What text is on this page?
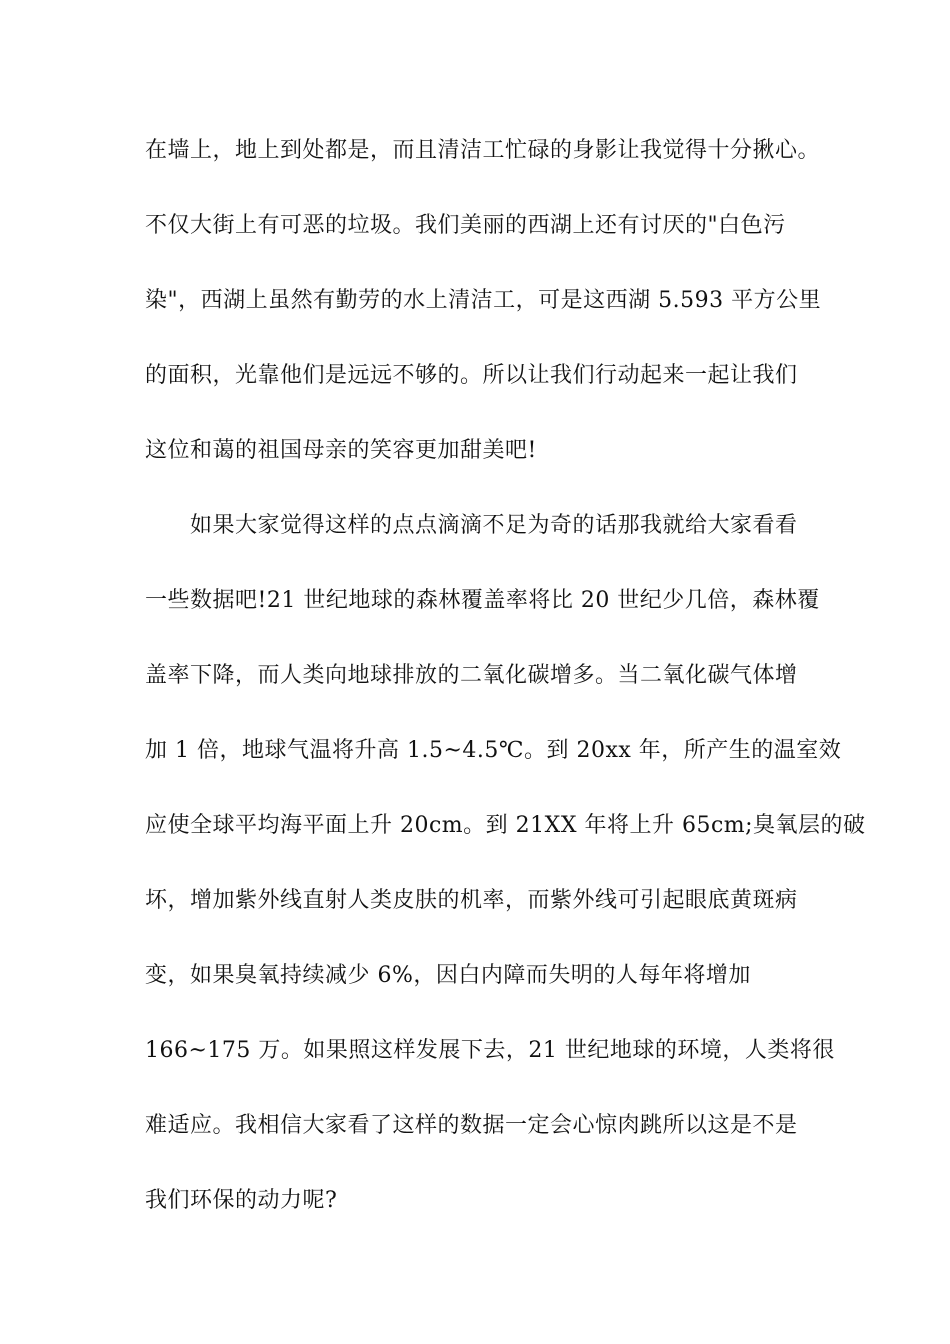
在墙上，地上到处都是，而且清洁工忙碌的身影让我觉得十分揪心。
不仅大街上有可恶的垃圾。我们美丽的西湖上还有讨厌的"白色污
染"，西湖上虽然有勤劳的水上清洁工，可是这西湖 5.593 平方公里
的面积，光靠他们是远远不够的。所以让我们行动起来一起让我们
这位和蔼的祖国母亲的笑容更加甜美吧!
如果大家觉得这样的点点滴滴不足为奇的话那我就给大家看看
一些数据吧!21 世纪地球的森林覆盖率将比 20 世纪少几倍，森林覆
盖率下降，而人类向地球排放的二氧化碳增多。当二氧化碳气体增
加 1 倍，地球气温将升高 1.5~4.5℃。到 20xx 年，所产生的温室效
应使全球平均海平面上升 20cm。到 21XX 年将上升 65cm;臭氧层的破
坏，增加紫外线直射人类皮肤的机率，而紫外线可引起眼底黄斑病
变，如果臭氧持续减少 6%，因白内障而失明的人每年将增加
166~175 万。如果照这样发展下去，21 世纪地球的环境，人类将很
难适应。我相信大家看了这样的数据一定会心惊肉跳所以这是不是
我们环保的动力呢?
